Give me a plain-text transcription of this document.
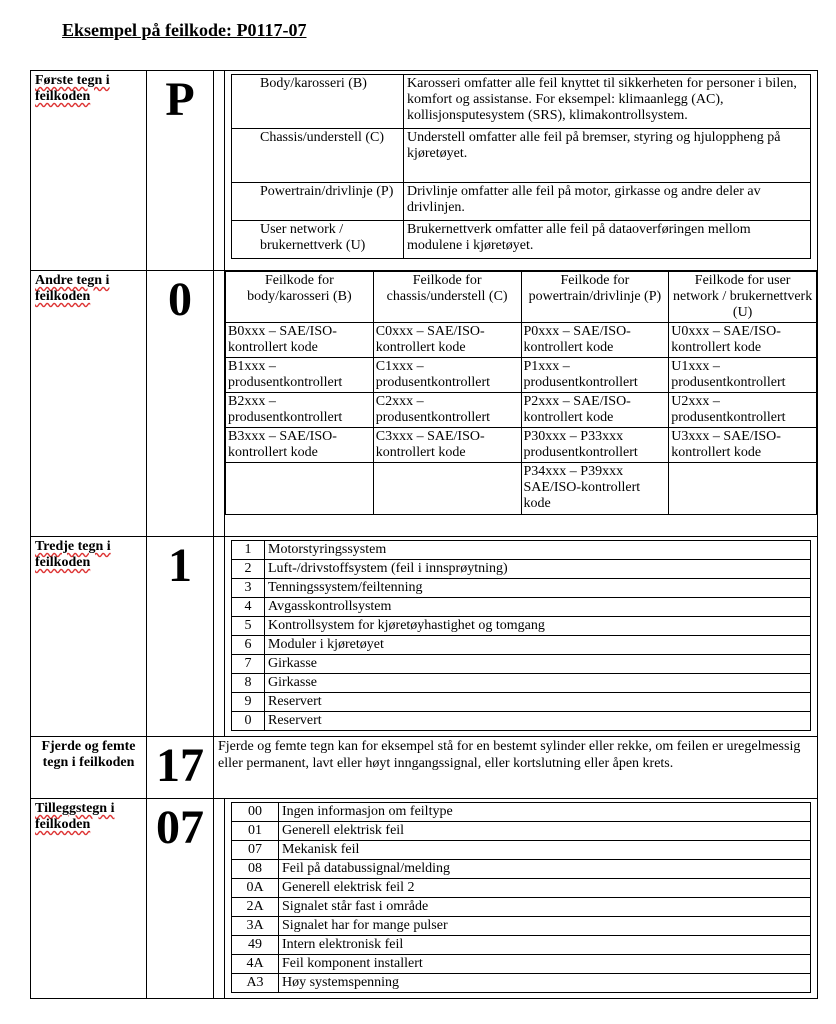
Eksempel på feilkode: P0117-07
Første tegn i feilkoden	P			Body/karosseri (B)	Karosseri omfatter alle feil knyttet til sikkerheten for personer i bilen, komfort og assistanse. For eksempel: klimaanlegg (AC), kollisjonsputesystem (SRS), klimakontrollsystem.
Chassis/understell (C)	Understell omfatter alle feil på bremser, styring og hjuloppheng på kjøretøyet.
Powertrain/drivlinje (P)	Drivlinje omfatter alle feil på motor, girkasse og andre deler av drivlinjen.
User network / brukernettverk (U)	Brukernettverk omfatter alle feil på dataoverføringen mellom modulene i kjøretøyet.

Andre tegn i feilkoden	0			Feilkode for body/karosseri (B)	Feilkode for chassis/understell (C)	Feilkode for powertrain/drivlinje (P)	Feilkode for user network / brukernettverk (U)
B0xxx – SAE/ISO-kontrollert kode	C0xxx – SAE/ISO-kontrollert kode	P0xxx – SAE/ISO-kontrollert kode	U0xxx – SAE/ISO-kontrollert kode
B1xxx – produsentkontrollert	C1xxx – produsentkontrollert	P1xxx – produsentkontrollert	U1xxx – produsentkontrollert
B2xxx – produsentkontrollert	C2xxx – produsentkontrollert	P2xxx – SAE/ISO-kontrollert kode	U2xxx – produsentkontrollert
B3xxx – SAE/ISO-kontrollert kode	C3xxx – SAE/ISO-kontrollert kode	P30xxx – P33xxx produsentkontrollert	U3xxx – SAE/ISO-kontrollert kode
		P34xxx – P39xxx SAE/ISO-kontrollert kode	

Tredje tegn i feilkoden	1			1	Motorstyringssystem
2	Luft-/drivstoffsystem (feil i innsprøytning)
3	Tenningssystem/feiltenning
4	Avgasskontrollsystem
5	Kontrollsystem for kjøretøyhastighet og tomgang
6	Moduler i kjøretøyet
7	Girkasse
8	Girkasse
9	Reservert
0	Reservert

Fjerde og femte tegn i feilkoden	17	Fjerde og femte tegn kan for eksempel stå for en bestemt sylinder eller rekke, om feilen er uregelmessig eller permanent, lavt eller høyt inngangssignal, eller kortslutning eller åpen krets.

Tilleggstegn i feilkoden	07			00	Ingen informasjon om feiltype
01	Generell elektrisk feil
07	Mekanisk feil
08	Feil på databussignal/melding
0A	Generell elektrisk feil 2
2A	Signalet står fast i område
3A	Signalet har for mange pulser
49	Intern elektronisk feil
4A	Feil komponent installert
A3	Høy systemspenning
